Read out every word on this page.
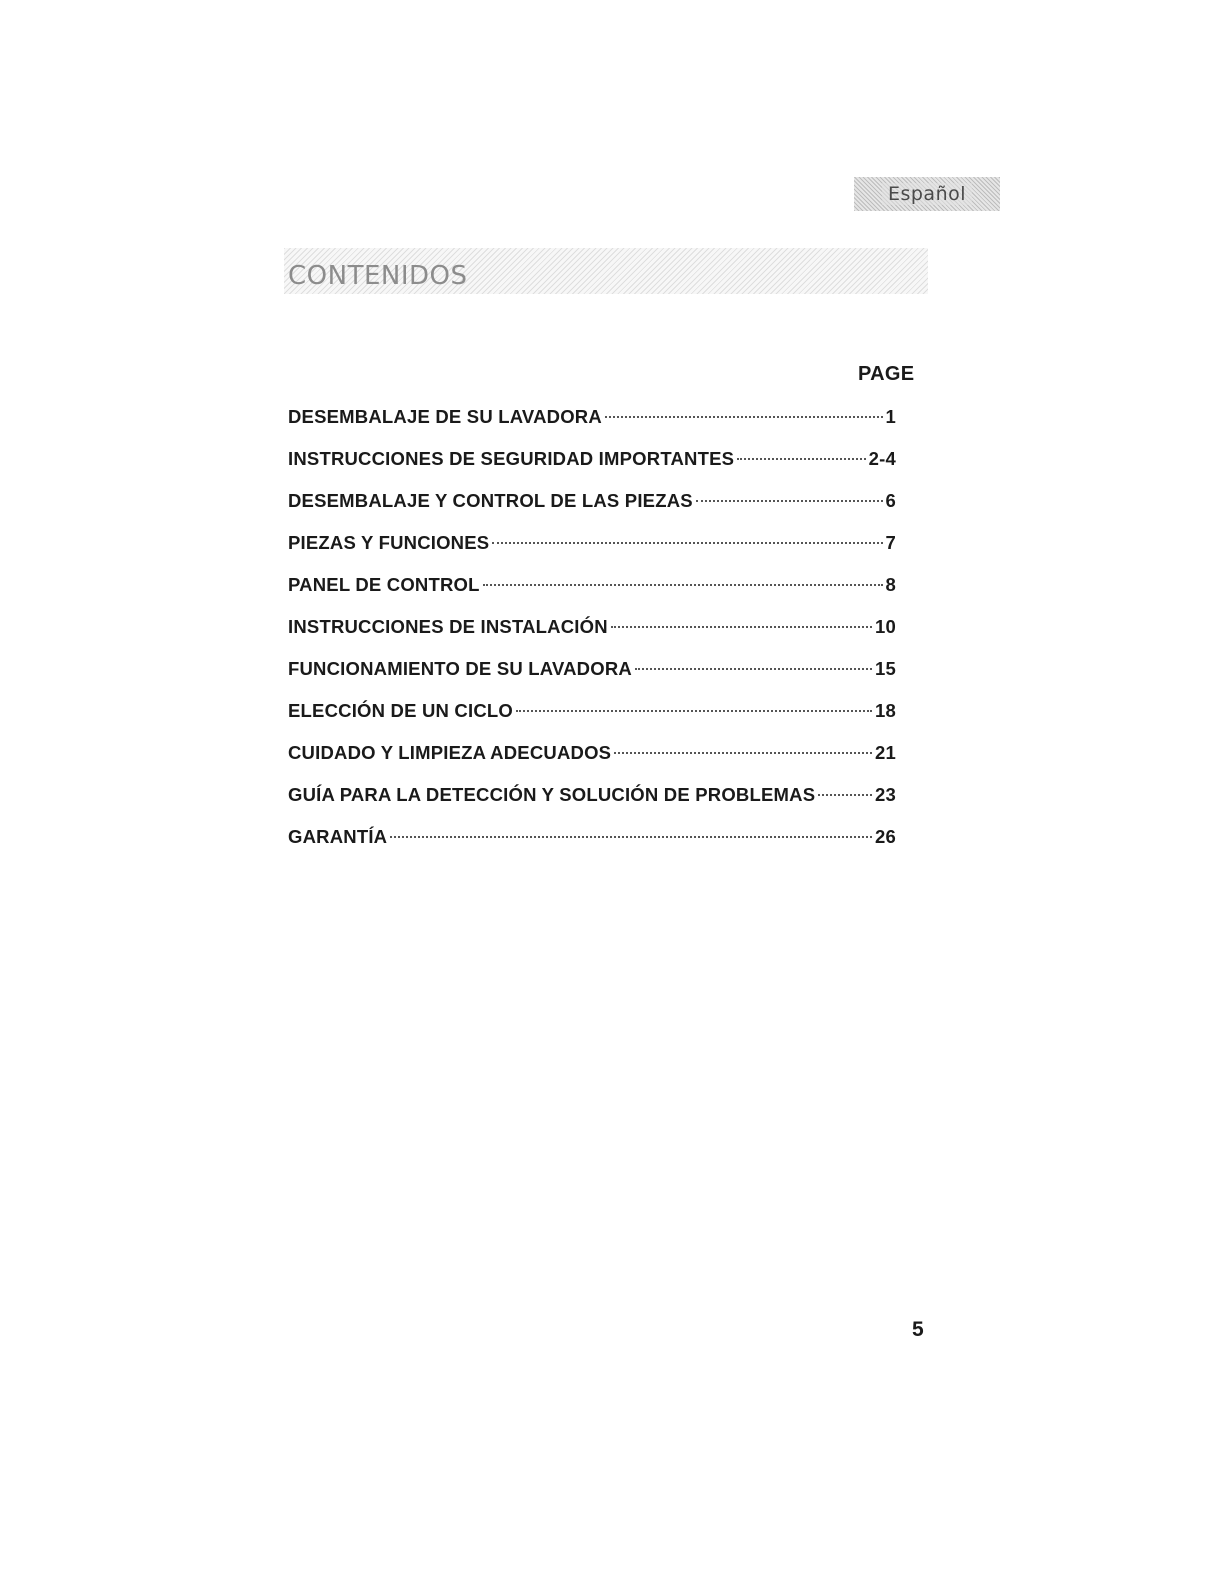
Español
CONTENIDOS
PAGE
DESEMBALAJE DE SU LAVADORA	1
INSTRUCCIONES DE SEGURIDAD IMPORTANTES	2-4
DESEMBALAJE Y CONTROL DE LAS PIEZAS	6
PIEZAS Y FUNCIONES	7
PANEL DE CONTROL	8
INSTRUCCIONES DE INSTALACIÓN	10
FUNCIONAMIENTO DE SU LAVADORA	15
ELECCIÓN DE UN CICLO	18
CUIDADO Y LIMPIEZA ADECUADOS	21
GUÍA PARA LA DETECCIÓN Y SOLUCIÓN DE PROBLEMAS	23
GARANTÍA	26
5
